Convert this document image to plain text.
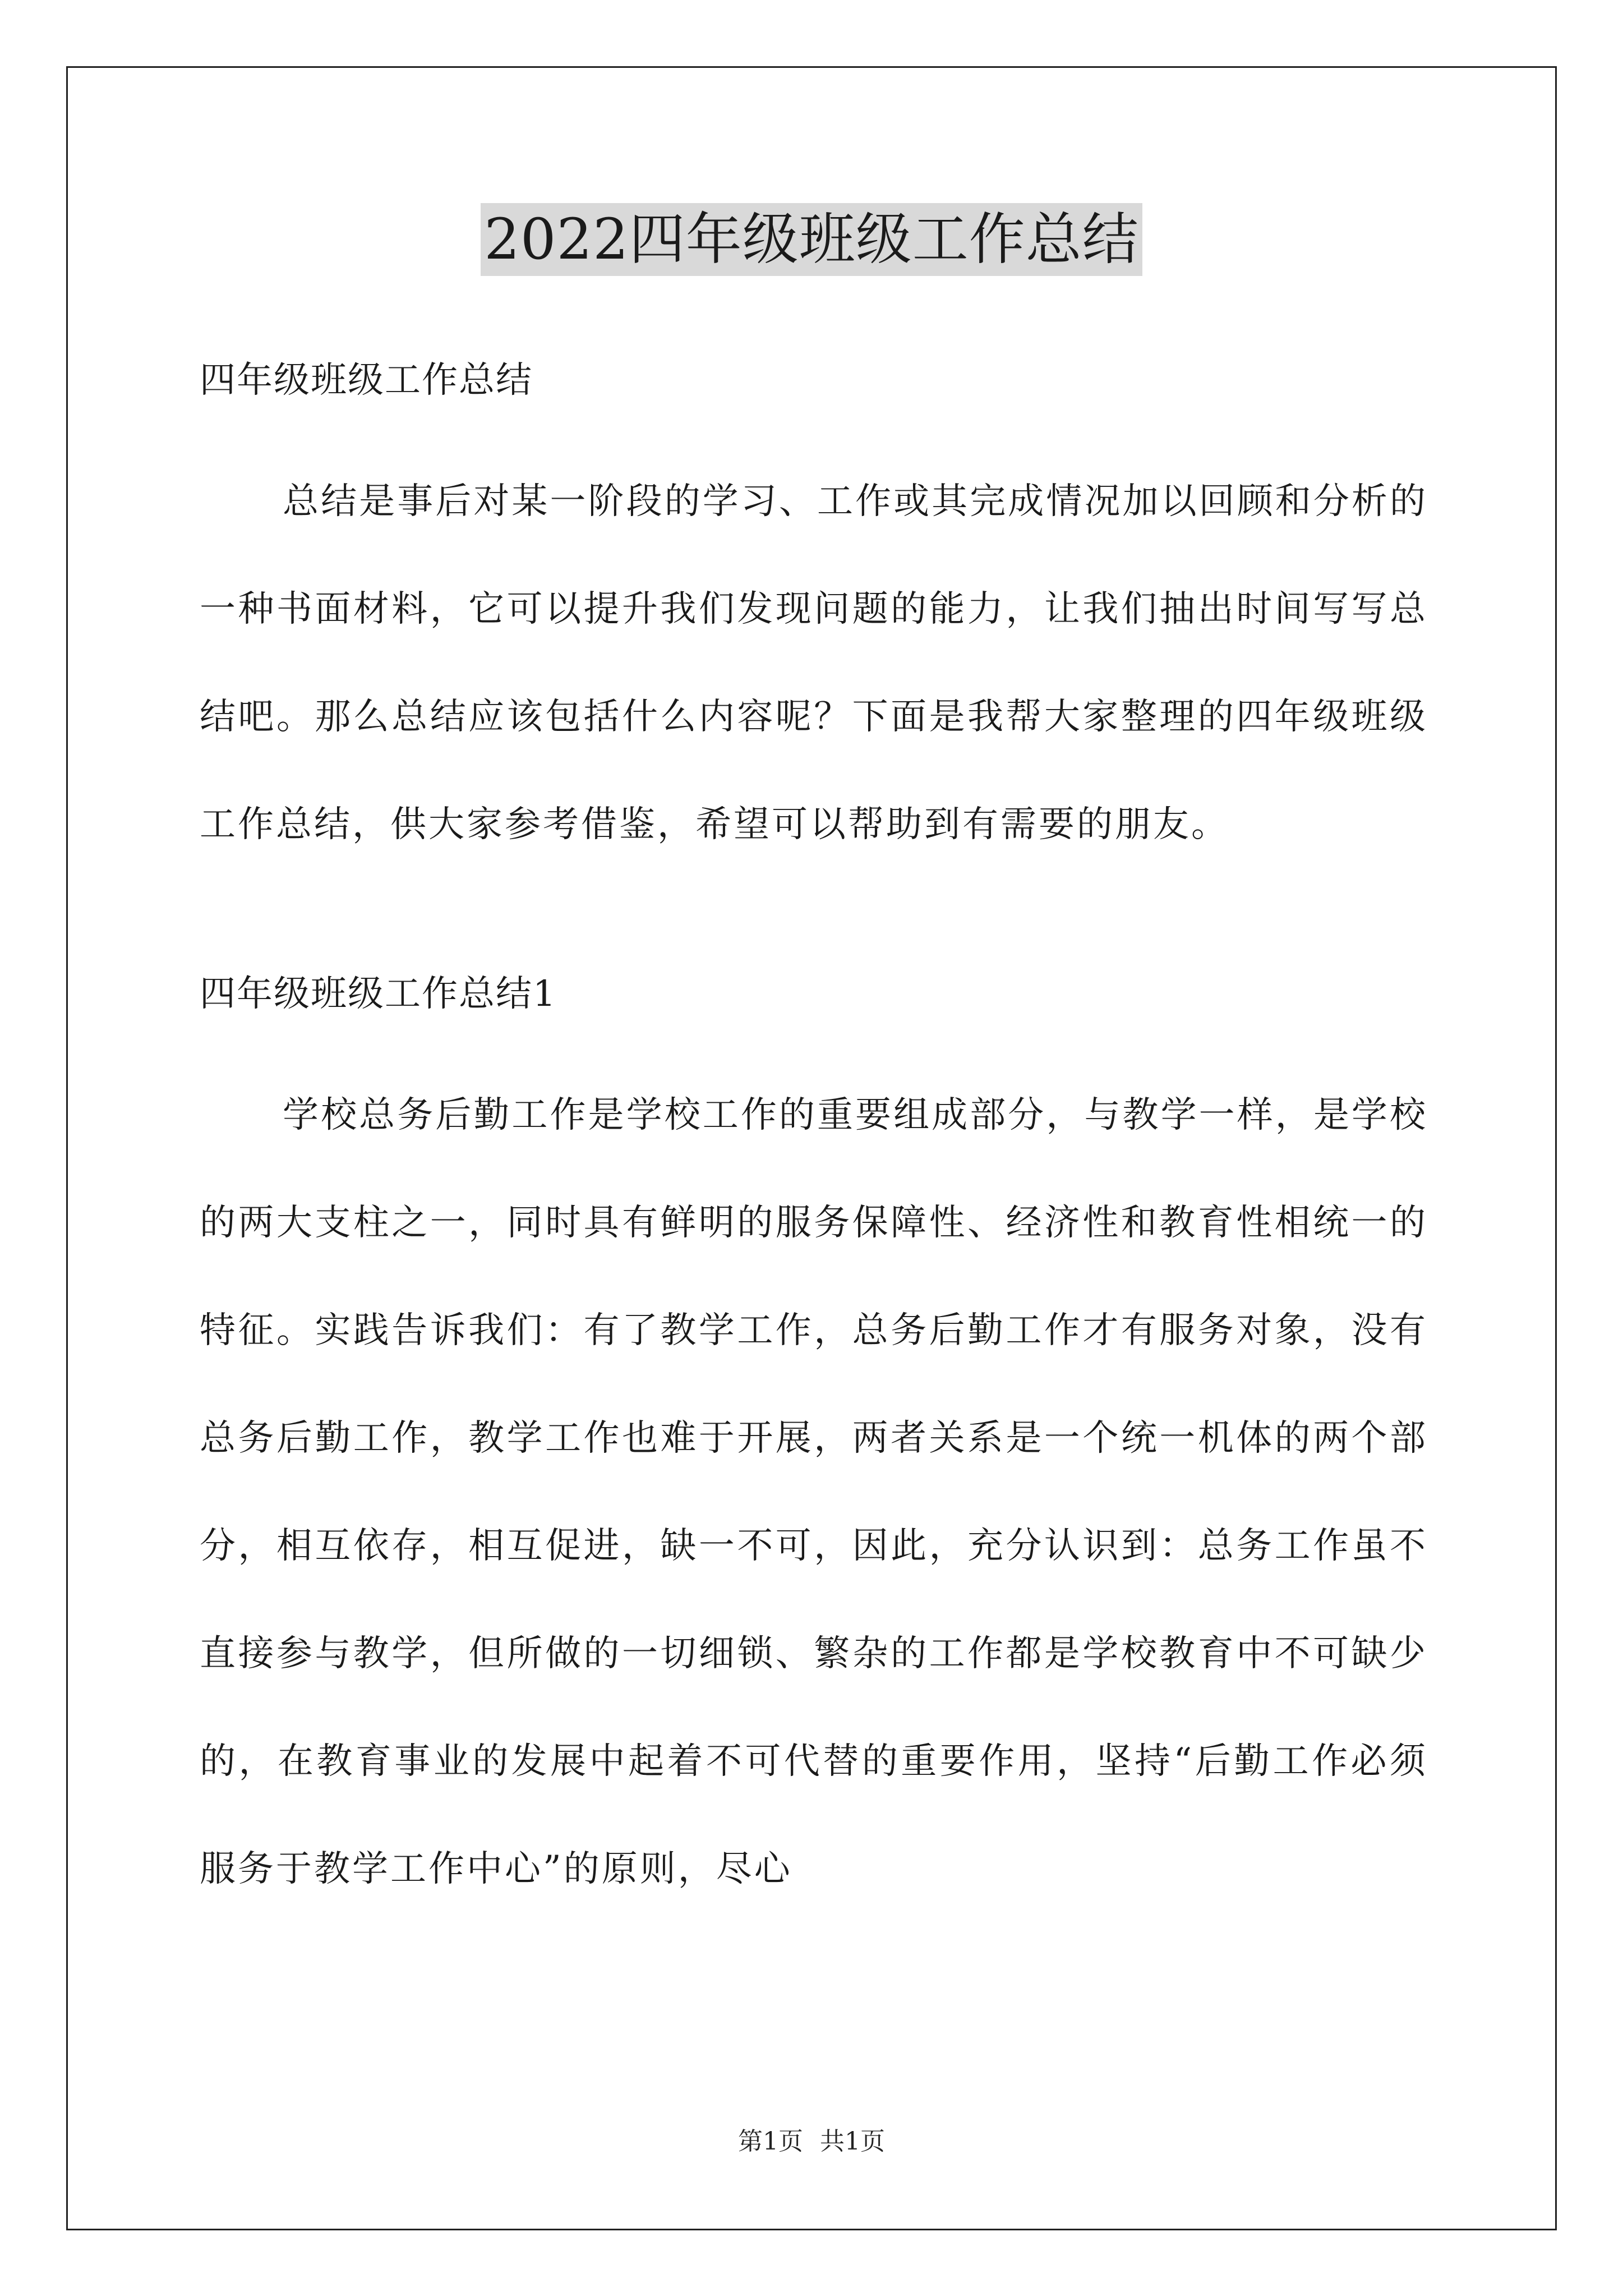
2022四年级班级工作总结

四年级班级工作总结

总结是事后对某一阶段的学习、工作或其完成情况加以回顾和分析的一种书面材料，它可以提升我们发现问题的能力，让我们抽出时间写写总结吧。那么总结应该包括什么内容呢？下面是我帮大家整理的四年级班级工作总结，供大家参考借鉴，希望可以帮助到有需要的朋友。

四年级班级工作总结1

学校总务后勤工作是学校工作的重要组成部分，与教学一样，是学校的两大支柱之一，同时具有鲜明的服务保障性、经济性和教育性相统一的特征。实践告诉我们：有了教学工作，总务后勤工作才有服务对象，没有总务后勤工作，教学工作也难于开展，两者关系是一个统一机体的两个部分，相互依存，相互促进，缺一不可，因此，充分认识到：总务工作虽不直接参与教学，但所做的一切细锁、繁杂的工作都是学校教育中不可缺少的，在教育事业的发展中起着不可代替的重要作用，坚持“后勤工作必须服务于教学工作中心”的原则，尽心

第1页 共1页
